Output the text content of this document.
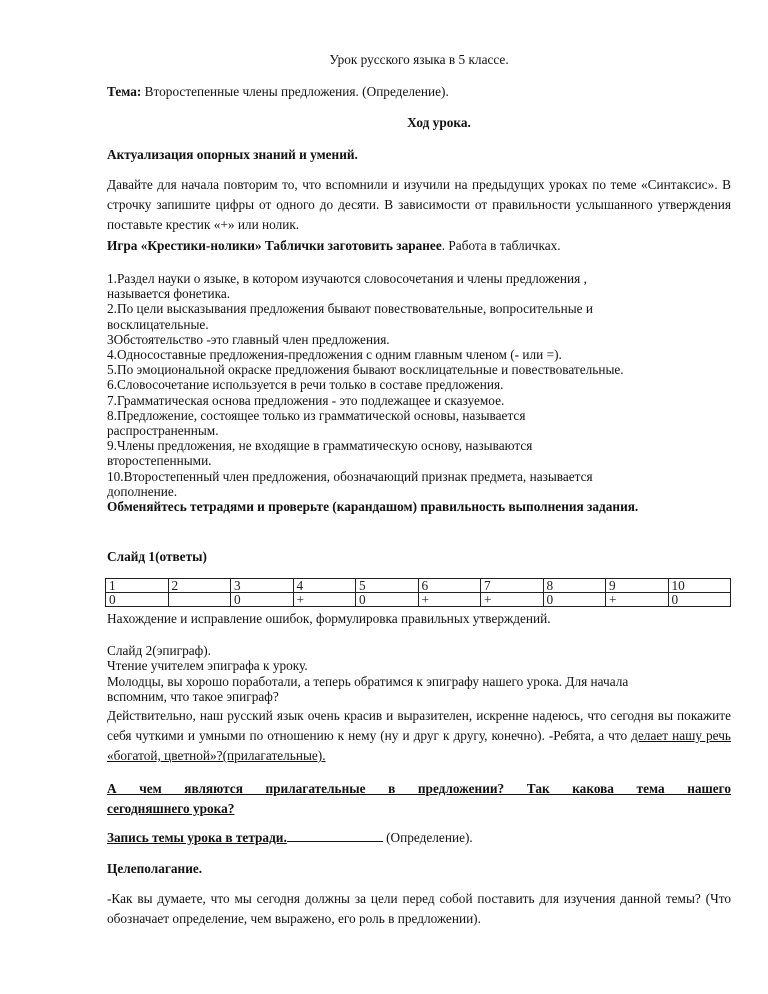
Урок русского языка в 5 классе.
Тема: Второстепенные члены предложения. (Определение).
Ход урока.
Актуализация опорных знаний и умений.
Давайте для начала повторим то, что вспомнили и изучили на предыдущих уроках по теме «Синтаксис». В строчку запишите цифры от одного до десяти. В зависимости от правильности услышанного утверждения поставьте крестик «+» или нолик.
Игра «Крестики-нолики» Таблички заготовить заранее. Работа в табличках.

1.Раздел науки о языке, в котором изучаются словосочетания и члены предложения ,

называется фонетика.

2.По цели высказывания предложения бывают повествовательные, вопросительные и

восклицательные.

3Обстоятельство -это главный член предложения.

4.Односоставные предложения-предложения с одним главным членом (- или =).

5.По эмоциональной окраске предложения бывают восклицательные и повествовательные.

6.Словосочетание используется в речи только в составе предложения.

7.Грамматическая основа предложения - это подлежащее и сказуемое.

8.Предложение, состоящее только из грамматической основы, называется

распространенным.

9.Члены предложения, не входящие в грамматическую основу, называются

второстепенными.

10.Второстепенный член предложения, обозначающий признак предмета, называется

дополнение.

Обменяйтесь тетрадями и проверьте (карандашом) правильность выполнения задания.

Слайд 1(ответы)
1	2	3	4	5	6	7	8	9	10
0		0	+	0	+	+	0	+	0
Нахождение и исправление ошибок, формулировка правильных утверждений.

Слайд 2(эпиграф).

Чтение учителем эпиграфа к уроку.

Молодцы, вы хорошо поработали, а теперь обратимся к эпиграфу нашего урока. Для начала

вспомним, что такое эпиграф?

Действительно, наш русский язык очень красив и выразителен, искренне надеюсь, что сегодня вы покажите себя чуткими и умными по отношению к нему (ну и друг к другу, конечно). -Ребята, а что делает нашу речь «богатой, цветной»?(прилагательные).

А чем являются прилагательные в предложении? Так какова тема нашего

сегодняшнего урока?

Запись темы урока в тетради.	(Определение).
Целеполагание.
-Как вы думаете, что мы сегодня должны за цели перед собой поставить для изучения данной темы? (Что обозначает определение, чем выражено, его роль в предложении).
